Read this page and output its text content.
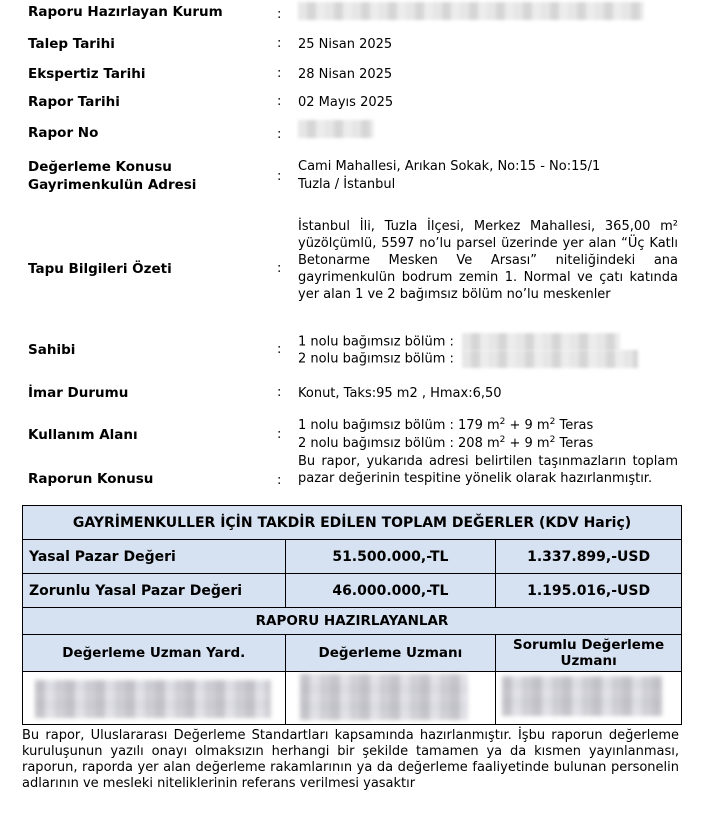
Raporu Hazırlayan Kurum	:
Talep Tarihi	: 25 Nisan 2025
Ekspertiz Tarihi	: 28 Nisan 2025
Rapor Tarihi	: 02 Mayıs 2025
Rapor No	:
Değerleme Konusu
Gayrimenkulün Adresi
:
Cami Mahallesi, Arıkan Sokak, No:15 - No:15/1
Tuzla / İstanbul
Tapu Bilgileri Özeti	:
İstanbul İli, Tuzla İlçesi, Merkez Mahallesi, 365,00 m² yüzölçümlü, 5597 no’lu parsel üzerinde yer alan “Üç Katlı Betonarme Mesken Ve Arsası” niteliğindeki ana gayrimenkulün bodrum zemin 1. Normal ve çatı katında yer alan 1 ve 2 bağımsız bölüm no’lu meskenler
Sahibi	: 1 nolu bağımsız bölüm :
2 nolu bağımsız bölüm :
İmar Durumu	: Konut, Taks:95 m2 , Hmax:6,50
Kullanım Alanı	:
1 nolu bağımsız bölüm : 179 $m^2 + 9$ $m^2$ Teras
2 nolu bağımsız bölüm : 208 $m^2 + 9$ $m^2$ Teras
Raporun Konusu	:
Bu rapor, yukarıda adresi belirtilen taşınmazların toplam pazar değerinin tespitine yönelik olarak hazırlanmıştır.
GAYRİMENKULLER İÇİN TAKDİR EDİLEN TOPLAM DEĞERLER (KDV Hariç)		
Yasal Pazar Değeri	51.500.000,-TL	1.337.899,-USD
Zorunlu Yasal Pazar Değeri	46.000.000,-TL	1.195.016,-USD
RAPORU HAZIRLAYANLAR		
Değerleme Uzman Yard.	Değerleme Uzmanı	Sorumlu Değerleme Uzmanı

Bu rapor, Uluslararası Değerleme Standartları kapsamında hazırlanmıştır. İşbu raporun değerleme kuruluşunun yazılı onayı olmaksızın herhangi bir şekilde tamamen ya da kısmen yayınlanması, raporun, raporda yer alan değerleme rakamlarının ya da değerleme faaliyetinde bulunan personelin adlarının ve mesleki niteliklerinin referans verilmesi yasaktır
